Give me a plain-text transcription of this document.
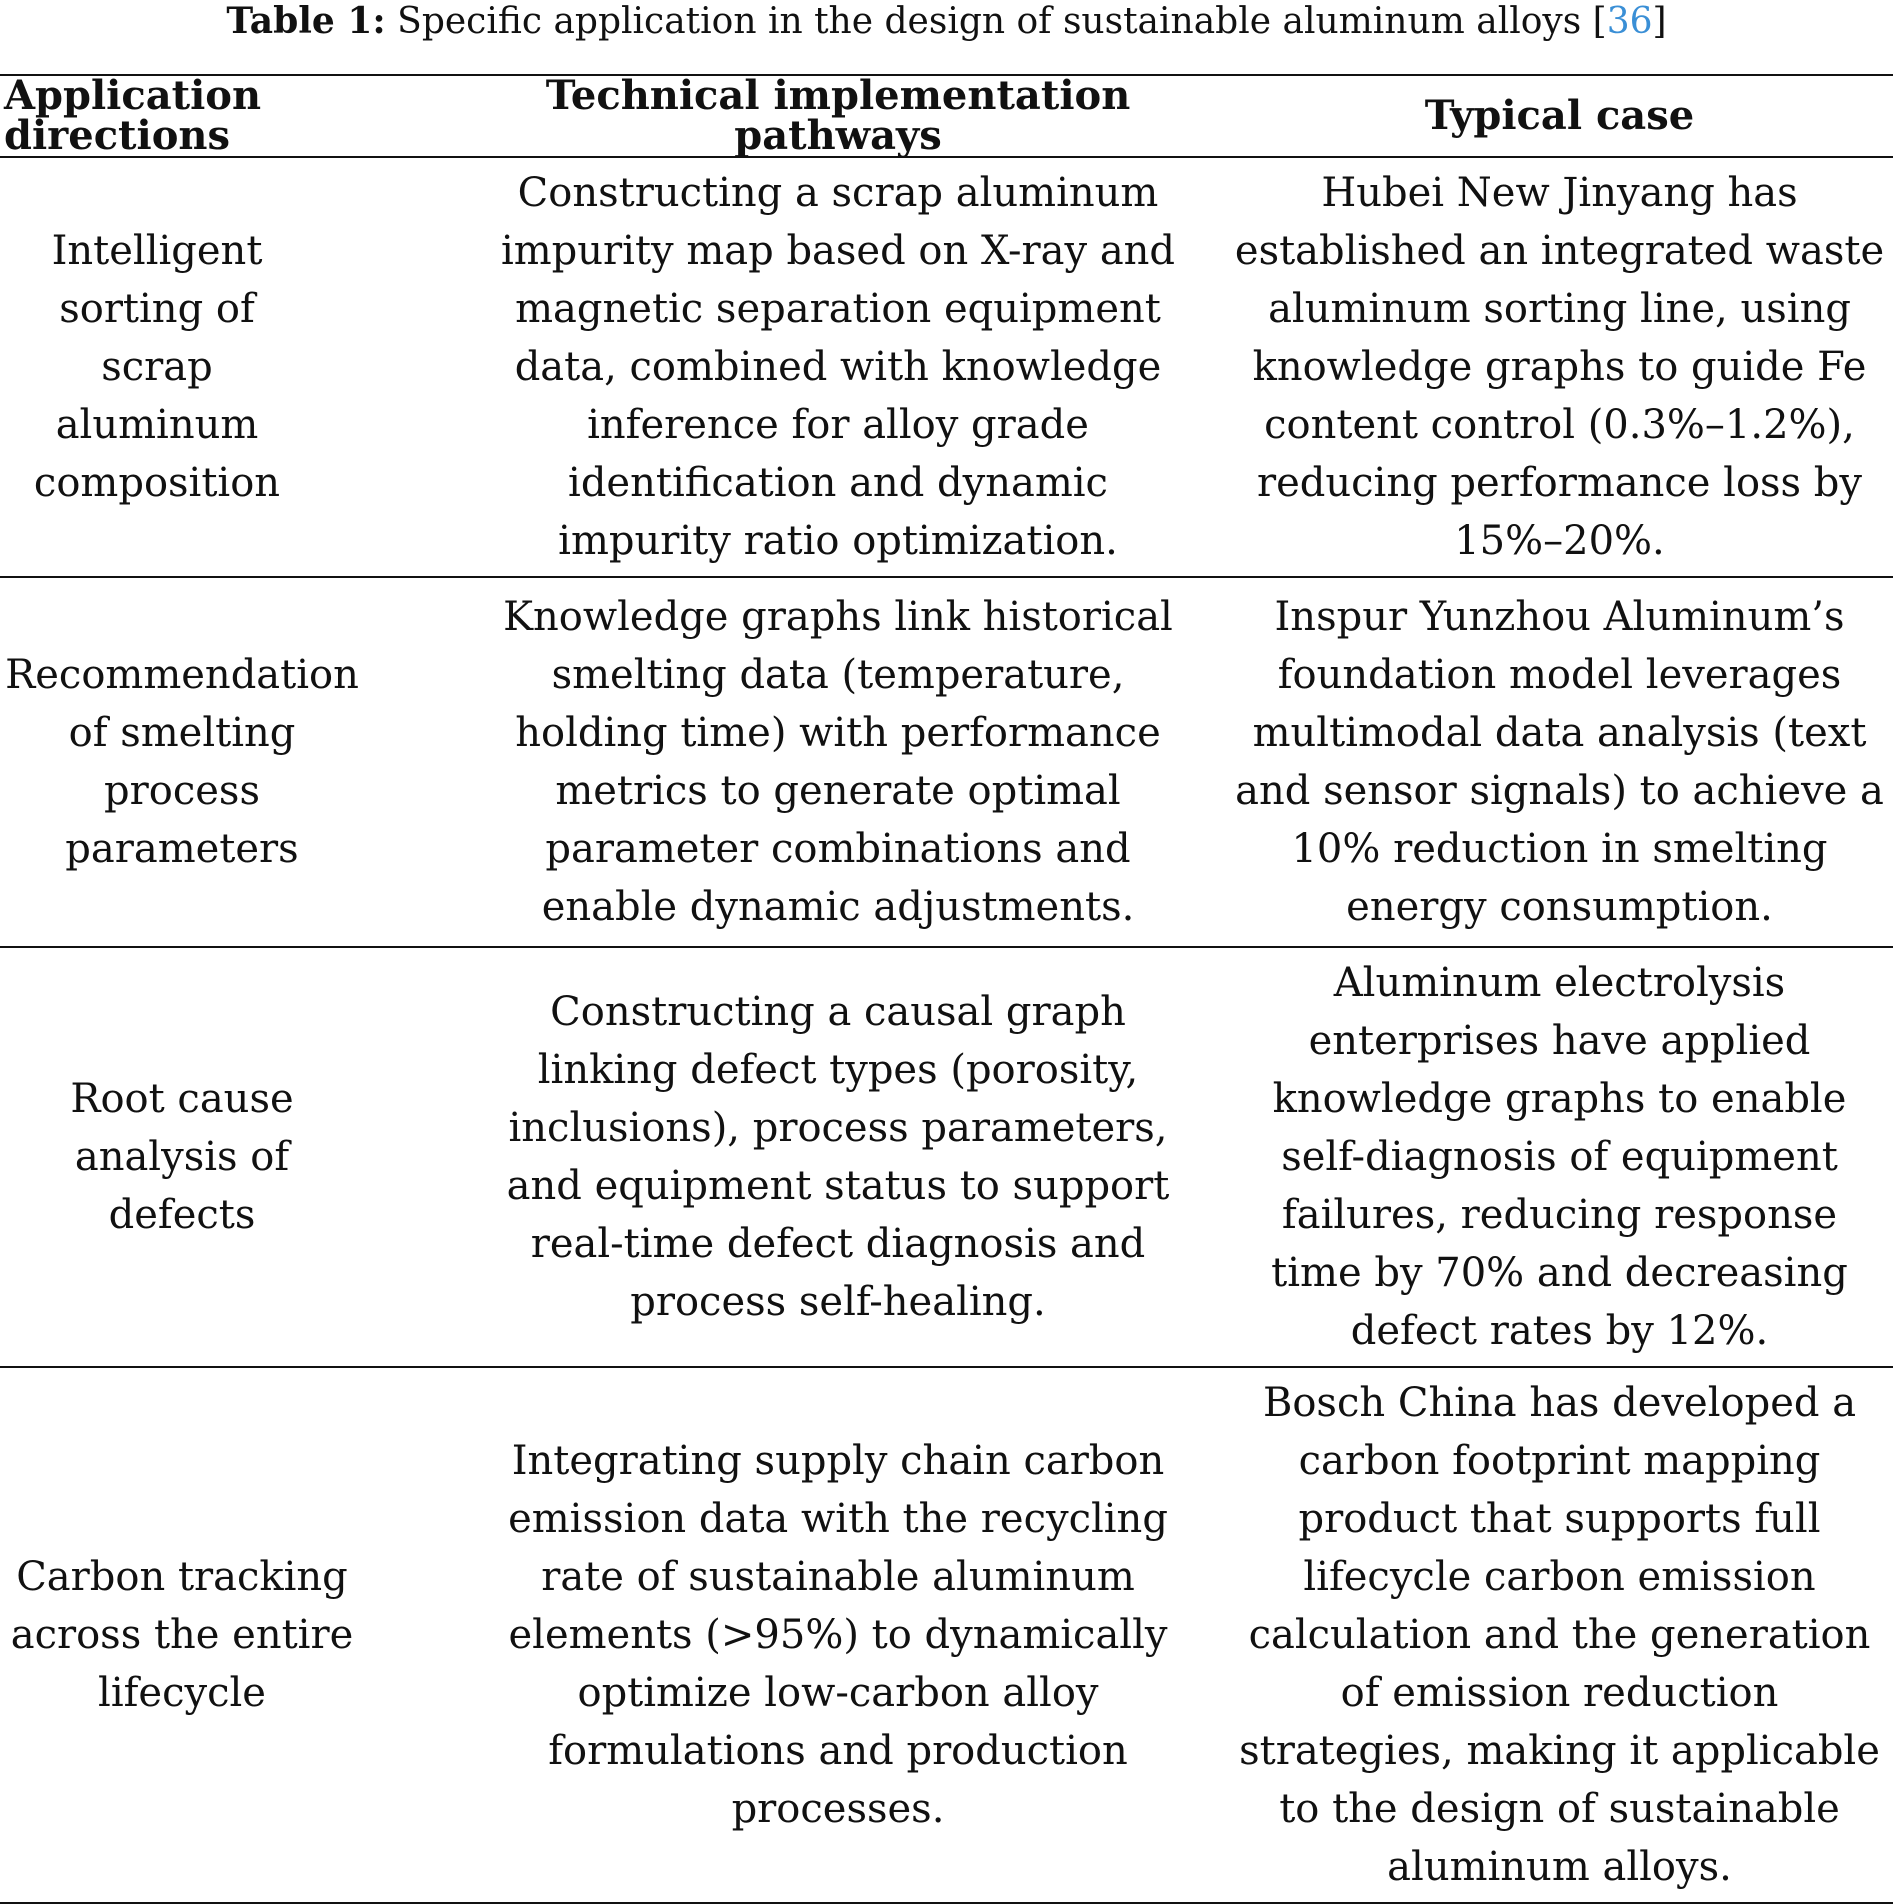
Table 1: Specific application in the design of sustainable aluminum alloys [36]
Application directions	Technical implementation pathways	Typical case
Intelligent sorting of scrap aluminum composition	Constructing a scrap aluminum impurity map based on X-ray and magnetic separation equipment data, combined with knowledge inference for alloy grade identification and dynamic impurity ratio optimization.	Hubei New Jinyang has established an integrated waste aluminum sorting line, using knowledge graphs to guide Fe content control (0.3%–1.2%), reducing performance loss by 15%–20%.
Recommendation of smelting process parameters	Knowledge graphs link historical smelting data (temperature, holding time) with performance metrics to generate optimal parameter combinations and enable dynamic adjustments.	Inspur Yunzhou Aluminum’s foundation model leverages multimodal data analysis (text and sensor signals) to achieve a 10% reduction in smelting energy consumption.
Root cause analysis of defects	Constructing a causal graph linking defect types (porosity, inclusions), process parameters, and equipment status to support real-time defect diagnosis and process self-healing.	Aluminum electrolysis enterprises have applied knowledge graphs to enable self-diagnosis of equipment failures, reducing response time by 70% and decreasing defect rates by 12%.
Carbon tracking across the entire lifecycle	Integrating supply chain carbon emission data with the recycling rate of sustainable aluminum elements (>95%) to dynamically optimize low-carbon alloy formulations and production processes.	Bosch China has developed a carbon footprint mapping product that supports full lifecycle carbon emission calculation and the generation of emission reduction strategies, making it applicable to the design of sustainable aluminum alloys.
